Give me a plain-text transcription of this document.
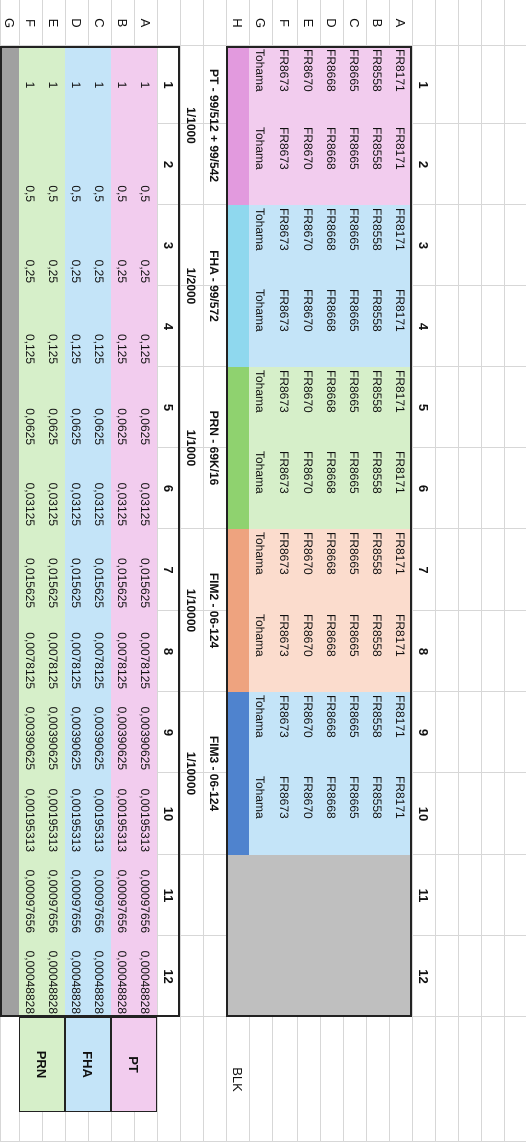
1
2
3
4
5
6
7
8
9
10
11
12
A
FR8171
FR8171
FR8171
FR8171
FR8171
FR8171
FR8171
FR8171
FR8171
FR8171
B
FR8558
FR8558
FR8558
FR8558
FR8558
FR8558
FR8558
FR8558
FR8558
FR8558
C
FR8665
FR8665
FR8665
FR8665
FR8665
FR8665
FR8665
FR8665
FR8665
FR8665
D
FR8668
FR8668
FR8668
FR8668
FR8668
FR8668
FR8668
FR8668
FR8668
FR8668
E
FR8670
FR8670
FR8670
FR8670
FR8670
FR8670
FR8670
FR8670
FR8670
FR8670
F
FR8673
FR8673
FR8673
FR8673
FR8673
FR8673
FR8673
FR8673
FR8673
FR8673
G
Tohama
Tohama
Tohama
Tohama
Tohama
Tohama
Tohama
Tohama
Tohama
Tohama
H
BLK
PT - 99/512 + 99/542
1/1000
FHA - 99/572
1/2000
PRN - 69K/16
1/1000
FIM2 - 06-124
1/10000
FIM3 - 06-124
1/10000
1
2
3
4
5
6
7
8
9
10
11
12
A
1
0,5
0,25
0,125
0,0625
0,03125
0,015625
0,0078125
0,00390625
0,00195313
0,00097656
0,00048828
B
1
0,5
0,25
0,125
0,0625
0,03125
0,015625
0,0078125
0,00390625
0,00195313
0,00097656
0,00048828
C
1
0,5
0,25
0,125
0,0625
0,03125
0,015625
0,0078125
0,00390625
0,00195313
0,00097656
0,00048828
D
1
0,5
0,25
0,125
0,0625
0,03125
0,015625
0,0078125
0,00390625
0,00195313
0,00097656
0,00048828
E
1
0,5
0,25
0,125
0,0625
0,03125
0,015625
0,0078125
0,00390625
0,00195313
0,00097656
0,00048828
F
1
0,5
0,25
0,125
0,0625
0,03125
0,015625
0,0078125
0,00390625
0,00195313
0,00097656
0,00048828
G
PT
FHA
PRN
